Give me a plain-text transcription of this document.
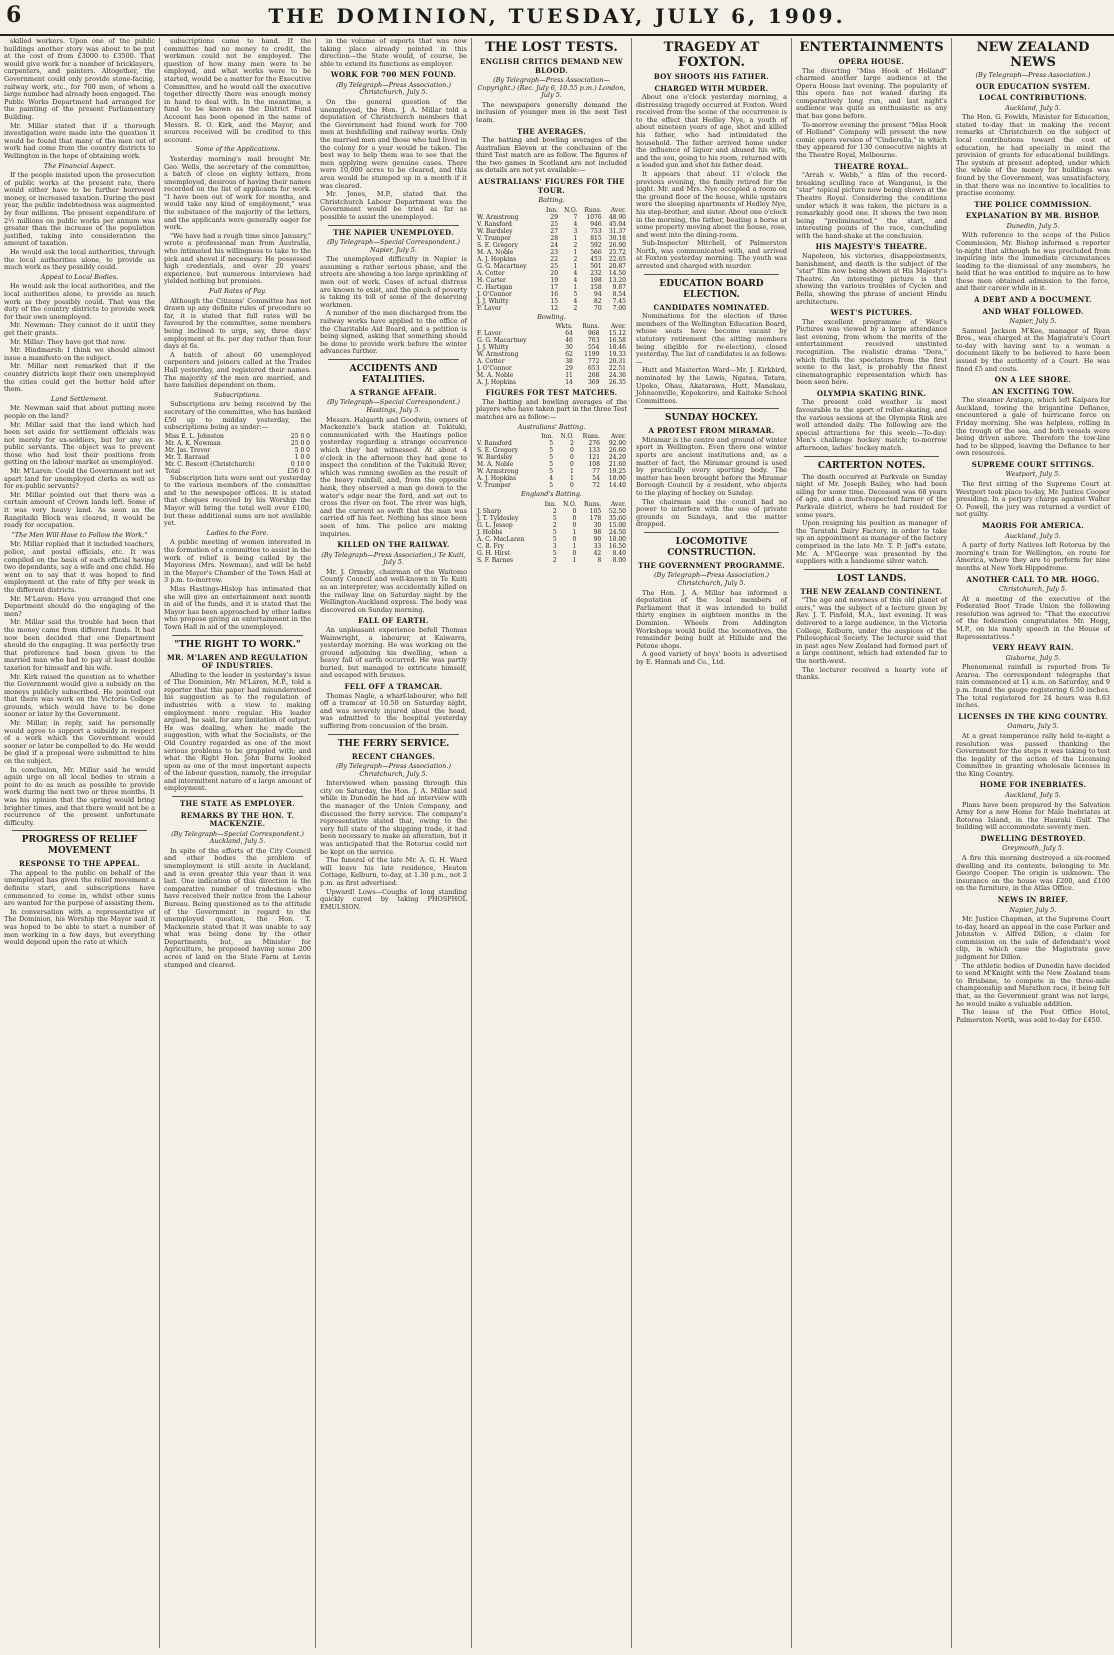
6	THE DOMINION, TUESDAY, JULY 6, 1909.

skilled workers. Upon one of the public buildings another story was about to be put at the cost of from £3000 to £3500. That would give work for a number of bricklayers, carpenters, and painters. Altogether, the Government could only provide stone-facing, railway work, etc., for 700 men, of whom a large number had already been engaged. The Public Works Department had arranged for the painting of the present Parliamentary Building.

Mr. Millar stated that if a thorough investigation were made into the question it would be found that many of the men out of work had come from the country districts to Wellington in the hope of obtaining work.

The Financial Aspect.

If the people insisted upon the prosecution of public works at the present rate, there would either have to be further borrowed money, or increased taxation. During the past year, the public indebtedness was augmented by four millions. The present expenditure of 2½ millions on public works per annum was greater than the increase of the population justified, taking into consideration the amount of taxation.

He would ask the local authorities, through the local authorities alone, to provide as much work as they possibly could.

Appeal to Local Bodies.

He would ask the local authorities, and the local authorities alone, to provide as much work as they possibly could. That was the duty of the country districts to provide work for their own unemployed.

Mr. Newman: They cannot do it until they get their grants.

Mr. Millar: They have got that now.

Mr. Hindmarsh: I think we should almost issue a manifesto on the subject.

Mr. Millar next remarked that if the country districts kept their own unemployed the cities could get the better hold after them.

Land Settlement.

Mr. Newman said that about putting more people on the land?

Mr. Millar said that the land which had been set aside for settlement officials was not merely for ex-soldiers, but for any ex-public servants. The object was to prevent those who had lost their positions from getting on the labour market as unemployed.

Mr. M'Laren: Could the Government not set apart land for unemployed clerks as well as for ex-public servants?

Mr. Millar pointed out that there was a certain amount of Crown lands left. Some of it was very heavy land. As soon as the Rangitaiki Block was cleared, it would be ready for occupation.

"The Men Will Have to Follow the Work."

Mr. Millar replied that it included teachers, police, and postal officials, etc. It was compiled on the basis of each official having two dependants, say a wife and one child. He went on to say that it was hoped to find employment at the rate of fifty per week in the different districts.

Mr. M'Laren: Have you arranged that one Department should do the engaging of the men?

Mr. Millar said the trouble had been that the money came from different funds. It had now been decided that one Department should do the engaging. It was perfectly true that preference had been given to the married man who had to pay at least double taxation for himself and his wife.

Mr. Kirk raised the question as to whether the Government would give a subsidy on the moneys publicly subscribed. He pointed out that there was work on the Victoria College grounds, which would have to be done sooner or later by the Government.

Mr. Millar, in reply, said he personally would agree to support a subsidy in respect of a work which the Government would sooner or later be compelled to do. He would be glad if a proposal were submitted to him on the subject.

In conclusion, Mr. Millar said he would again urge on all local bodies to strain a point to do as much as possible to provide work during the next two or three months. It was his opinion that the spring would bring brighter times, and that there would not be a recurrence of the present unfortunate difficulty.

PROGRESS OF RELIEF MOVEMENT
RESPONSE TO THE APPEAL.

The appeal to the public on behalf of the unemployed has given the relief movement a definite start, and subscriptions have commenced to come in, whilst other sums are wanted for the purpose of assisting them.

In conversation with a representative of The Dominion, his Worship the Mayor said it was hoped to be able to start a number of men working in a few days, but everything would depend upon the rate at which

subscriptions came to hand. If the committee had no money to credit, the workmen could not be employed. The question of how many men were to be employed, and what works were to be started, would be a matter for the Executive Committee, and he would call the executive together directly there was enough money in hand to deal with. In the meantime, a fund to be known as the District Fund Account has been opened in the name of Messrs. R. O. Kirk, and the Mayor, and sources received will be credited to this account.

Some of the Applications.

Yesterday morning's mail brought Mr. Geo. Wells, the secretary of the committee, a batch of close on eighty letters, from unemployed, desirous of having their names recorded on the list of applicants for work. "I have been out of work for months, and would take any kind of employment," was the substance of the majority of the letters, and the applicants were generally eager for work.

"We have had a rough time since January," wrote a professional man from Australia, who intimated his willingness to take to the pick and shovel if necessary. He possessed high credentials, and over 20 years' experience, but numerous interviews had yielded nothing but promises.

Full Rates of Pay.

Although the Citizens' Committee has not drawn up any definite rules of procedure so far, it is stated that full rates will be favoured by the committee, some members being inclined to urge, say, three days' employment at 8s. per day rather than four days at 6s.

A batch of about 60 unemployed carpenters and joiners called at the Trades Hall yesterday, and registered their names. The majority of the men are married, and have families dependent on them.

Subscriptions.

Subscriptions are being received by the secretary of the committee, who has banked £50 up to midday yesterday, the subscriptions being as under:—

Miss E. L. Johnston	25 0 0
Mr. A. K. Newman	25 0 0
Mr. Jas. Trevor	5 0 0
Mr. T. Barraud	1 0 0
Mr. C. Bescott (Christchurch)	0 10 0
Total	£56 0 0

Subscription lists were sent out yesterday to the various members of the committee and to the newspaper offices. It is stated that cheques received by his Worship the Mayor will bring the total well over £100, but these additional sums are not available yet.

Ladies to the Fore.

A public meeting of women interested in the formation of a committee to assist in the work of relief is being called by the Mayoress (Mrs. Newman), and will be held in the Mayor's Chamber of the Town Hall at 3 p.m. to-morrow.

Miss Hastings-Hislop has intimated that she will give an entertainment next month in aid of the funds, and it is stated that the Mayor has been approached by other ladies who propose giving an entertainment in the Town Hall in aid of the unemployed.

"THE RIGHT TO WORK."
MR. M'LAREN AND REGULATION OF INDUSTRIES.

Alluding to the leader in yesterday's issue of The Dominion, Mr. M'Laren, M.P., told a reporter that this paper had misunderstood his suggestion as to the regulation of industries with a view to making employment more regular. His leader argued, he said, for any limitation of output. He was dealing, when he made the suggestion, with what the Socialists, or the Old Country regarded as one of the most serious problems to be grappled with; and what the Right Hon. John Burns looked upon as one of the most important aspects of the labour question, namely, the irregular and intermittent nature of a large amount of employment.

THE STATE AS EMPLOYER.
REMARKS BY THE HON. T. MACKENZIE.
(By Telegraph—Special Correspondent.) Auckland, July 5.

In spite of the efforts of the City Council and other bodies the problem of unemployment is still acute in Auckland, and is even greater this year than it was last. One indication of this direction is the comparative number of tradesmen who have received their notice from the Labour Bureau. Being questioned as to the attitude of the Government in regard to the unemployed question, the Hon. T. Mackenzie stated that it was unable to say what was being done by the other Departments, but, as Minister for Agriculture, he proposed having some 200 acres of land on the State Farm at Levin stumped and cleared.

in the volume of exports that was now taking place already pointed in this direction—the State would, of course, be able to extend its functions as employer.

WORK FOR 700 MEN FOUND.
(By Telegraph—Press Association.) Christchurch, July 5.

On the general question of the unemployed, the Hon. J. A. Millar told a deputation of Christchurch members that the Government had found work for 700 men at bushfelling and railway works. Only the married men and those who had lived in the colony for a year would be taken. The best way to help them was to see that the men applying were genuine cases. There were 10,000 acres to be cleared, and this area would be stumped up in a month if it was cleared.

Mr. Jones, M.P., stated that the Christchurch Labour Department was the Government would be tried as far as possible to assist the unemployed.

THE NAPIER UNEMPLOYED.
(By Telegraph—Special Correspondent.) Napier, July 5.

The unemployed difficulty in Napier is assuming a rather serious phase, and the streets are showing a too large sprinkling of men out of work. Cases of actual distress are known to exist, and the pinch of poverty is taking its toll of some of the deserving workmen.

A number of the men discharged from the railway works have applied to the office of the Charitable Aid Board, and a petition is being signed, asking that something should be done to provide work before the winter advances further.

ACCIDENTS AND FATALITIES.
A STRANGE AFFAIR.
(By Telegraph—Special Correspondent.) Hastings, July 5.

Messrs. Halgarth and Goodwin, owners of Mackenzie's back station at Tukituki, communicated with the Hastings police yesterday regarding a strange occurrence which they had witnessed. At about 4 o'clock in the afternoon they had gone to inspect the condition of the Tukituki River, which was running swollen as the result of the heavy rainfall, and, from the opposite bank, they observed a man go down to the water's edge near the ford, and set out to cross the river on foot. The river was high, and the current so swift that the man was carried off his feet. Nothing has since been seen of him. The police are making inquiries.

KILLED ON THE RAILWAY.
(By Telegraph—Press Association.) Te Kuiti, July 5.

Mr. J. Ormsby, chairman of the Waitomo County Council and well-known in Te Kuiti as an interpreter, was accidentally killed on the railway line on Saturday night by the Wellington-Auckland express. The body was discovered on Sunday morning.

FALL OF EARTH.

An unpleasant experience befell Thomas Wainwright, a labourer, at Kaiwarra, yesterday morning. He was working on the ground adjoining his dwelling, when a heavy fall of earth occurred. He was partly buried, but managed to extricate himself, and escaped with bruises.

FELL OFF A TRAMCAR.

Thomas Nagle, a wharf-labourer, who fell off a tramcar at 10.50 on Saturday night, and was severely injured about the head, was admitted to the hospital yesterday suffering from concussion of the brain.

THE FERRY SERVICE.
RECENT CHANGES.
(By Telegraph—Press Association.) Christchurch, July 5.

Interviewed when passing through this city on Saturday, the Hon. J. A. Millar said while in Dunedin he had an interview with the manager of the Union Company, and discussed the ferry service. The company's representative stated that, owing to the very full state of the shipping trade, it had been necessary to make an alteration, but it was anticipated that the Rotorua could not be kept on the service.

The funeral of the late Mr. A. G. H. Ward will leave his late residence, Heaton Cottage, Kelburn, to-day, at 1.30 p.m., not 2 p.m. as first advertised.

Upward! Lows—Coughs of long standing quickly cured by taking PHOSPHOL EMULSION.

THE LOST TESTS.
ENGLISH CRITICS DEMAND NEW BLOOD.
(By Telegraph—Press Association—Copyright.) (Rec. July 6, 10.55 p.m.) London, July 5.

The newspapers generally demand the inclusion of younger men in the next Test team.

THE AVERAGES.

The batting and bowling averages of the Australian Eleven at the conclusion of the third Test match are as follow. The figures of the two games in Scotland are not included as details are not yet available:—

AUSTRALIANS' FIGURES FOR THE TOUR.
Batting.
	Inn.	N.O.	Runs.	Aver.
W. Armstrong	29	7	1076	48.90
V. Ransford	25	4	946	45.04
W. Bardsley	27	3	753	31.37
V. Trumper	28	1	815	30.18
S. E. Gregory	24	2	592	26.90
M. A. Noble	23	1	566	25.72
A. J. Hopkins	22	2	453	22.65
G. G. Macartney	25	1	501	20.87
A. Cotter	20	4	232	14.50
H. Carter	19	4	198	13.20
C. Hartigan	17	1	158	9.87
J. O'Connor	16	5	94	8.54
J. J. Whitty	15	4	82	7.45
F. Laver	12	2	70	7.00
Bowling.
	Wkts.	Runs.	Aver.
F. Laver	64	968	15.12
G. G. Macartney	46	763	16.58
J. J. Whitty	30	554	18.46
W. Armstrong	62	1199	19.33
A. Cotter	38	772	20.31
J. O'Connor	29	653	22.51
M. A. Noble	11	268	24.36
A. J. Hopkins	14	369	26.35
FIGURES FOR TEST MATCHES.

The batting and bowling averages of the players who have taken part in the three Test matches are as follow:—

Australians' Batting.
	Inn.	N.O.	Runs.	Aver.
V. Ransford	5	2	276	92.00
S. E. Gregory	5	0	133	26.60
W. Bardsley	5	0	121	24.20
M. A. Noble	5	0	108	21.60
W. Armstrong	5	1	77	19.25
A. J. Hopkins	4	1	54	18.00
V. Trumper	5	0	72	14.40
England's Batting.
	Inn.	N.O.	Runs.	Aver.
J. Sharp	2	0	105	52.50
J. T. Tyldesley	5	0	178	35.60
G. L. Jessop	2	0	30	15.00
J. Hobbs	5	1	98	24.50
A. C. MacLaren	5	0	90	18.00
C. B. Fry	3	1	33	16.50
G. H. Hirst	5	0	42	8.40
S. F. Barnes	2	1	8	8.00
TRAGEDY AT FOXTON.
BOY SHOOTS HIS FATHER.
CHARGED WITH MURDER.

About one o'clock yesterday morning, a distressing tragedy occurred at Foxton. Word received from the scene of the occurrence is to the effect that Hedley Nye, a youth of about nineteen years of age, shot and killed his father, who had intimidated the household. The father arrived home under the influence of liquor and abused his wife, and the son, going to his room, returned with a loaded gun and shot his father dead.

It appears that about 11 o'clock the previous evening, the family retired for the night. Mr. and Mrs. Nye occupied a room on the ground floor of the house, while upstairs were the sleeping apartments of Hedley Nye, his step-brother, and sister. About one o'clock in the morning, the father, beating a horse at some property moving about the house, rose, and went into the dining-room.

Sub-Inspector Mitchell, of Palmerston North, was communicated with, and arrived at Foxton yesterday morning. The youth was arrested and charged with murder.

EDUCATION BOARD ELECTION.
CANDIDATES NOMINATED.

Nominations for the election of three members of the Wellington Education Board, whose seats have become vacant by statutory retirement (the sitting members being eligible for re-election), closed yesterday. The list of candidates is as follows:—

Hutt and Masterton Ward—Mr. J. Kirkbird, nominated by the Lewis, Ngatea, Totara, Upoko, Ohau, Akatarawa, Hutt, Manakau, Johnsonville, Kopokoriro, and Kaitoke School Committees.

SUNDAY HOCKEY.
A PROTEST FROM MIRAMAR.

Miramar is the centre and ground of winter sport in Wellington. Even there one winter sports are ancient institutions and, as a matter of fact, the Miramar ground is used by practically every sporting body. The matter has been brought before the Miramar Borough Council by a resident, who objects to the playing of hockey on Sunday.

The chairman said the council had no power to interfere with the use of private grounds on Sundays, and the matter dropped.

LOCOMOTIVE CONSTRUCTION.
THE GOVERNMENT PROGRAMME.
(By Telegraph—Press Association.) Christchurch, July 5.

The Hon. J. A. Millar has informed a deputation of the local members of Parliament that it was intended to build thirty engines in eighteen months in the Dominion. Wheels from Addington Workshops would build the locomotives, the remainder being built at Hillside and the Petone shops.

A good variety of boys' boots is advertised by E. Hannah and Co., Ltd.

ENTERTAINMENTS
OPERA HOUSE.

The diverting "Miss Hook of Holland" charmed another large audience at the Opera House last evening. The popularity of this opera has not waned during its comparatively long run, and last night's audience was quite as enthusiastic as any that has gone before.

To-morrow evening the present "Miss Hook of Holland" Company will present the new comic opera version of "Cinderella," in which they appeared for 130 consecutive nights at the Theatre Royal, Melbourne.

THEATRE ROYAL.

"Arrah v. Webb," a film of the record-breaking sculling race at Wanganui, is the "star" topical picture now being shown at the Theatre Royal. Considering the conditions under which it was taken, the picture is a remarkably good one. It shows the two men being "preliminaried," the start, and interesting points of the race, concluding with the hand-shake at the conclusion.

HIS MAJESTY'S THEATRE.

Napoleon, his victories, disappointments, banishment, and death is the subject of the "star" film now being shown at His Majesty's Theatre. An interesting picture is that showing the various troubles of Cyclen and Bella, showing the phrase of ancient Hindu architecture.

WEST'S PICTURES.

The excellent programme of West's Pictures was viewed by a large attendance last evening, from whom the merits of the entertainment received unstinted recognition. The realistic drama "Dora," which thrills the spectators from the first scene to the last, is probably the finest cinematographic representation which has been seen here.

OLYMPIA SKATING RINK.

The present cold weather is most favourable to the sport of roller-skating, and the various sessions at the Olympia Rink are well attended daily. The following are the special attractions for this week:—To-day: Men's challenge hockey match; to-morrow afternoon, ladies' hockey match.

CARTERTON NOTES.

The death occurred at Parkvale on Sunday night of Mr. Joseph Bailey, who had been ailing for some time. Deceased was 68 years of age, and a much-respected farmer of the Parkvale district, where he had resided for some years.

Upon resigning his position as manager of the Taratahi Dairy Factory, in order to take up an appointment as manager of the factory comprised in the late Mr. T. P. Jeff's estate, Mr. A. M'George was presented by the suppliers with a handsome silver watch.

LOST LANDS.
THE NEW ZEALAND CONTINENT.

"The age and newness of this old planet of ours," was the subject of a lecture given by Rev. J. T. Pinfold, M.A., last evening. It was delivered to a large audience, in the Victoria College, Kelburn, under the auspices of the Philosophical Society. The lecturer said that in past ages New Zealand had formed part of a large continent, which had extended far to the north-west.

The lecturer received a hearty vote of thanks.

NEW ZEALAND NEWS
(By Telegraph—Press Association.)
OUR EDUCATION SYSTEM.
LOCAL CONTRIBUTIONS.
Auckland, July 5.

The Hon. G. Fowlds, Minister for Education, stated to-day that in making the recent remarks at Christchurch on the subject of local contributions toward the cost of education, he had specially in mind the provision of grants for educational buildings. The system at present adopted, under which the whole of the money for buildings was found by the Government, was unsatisfactory, in that there was no incentive to localities to practise economy.

THE POLICE COMMISSION.
EXPLANATION BY MR. BISHOP.
Dunedin, July 5.

With reference to the scope of the Police Commission, Mr. Bishop informed a reporter to-night that although he was precluded from inquiring into the immediate circumstances leading to the dismissal of any members, he held that he was entitled to inquire as to how these men obtained admission to the force, and their career while in it.

A DEBT AND A DOCUMENT.
AND WHAT FOLLOWED.
Napier, July 5.

Samuel Jackson M'Kee, manager of Ryan Bros., was charged at the Magistrate's Court to-day with having sent to a woman a document likely to be believed to have been issued by the authority of a Court. He was fined £5 and costs.

ON A LEE SHORE.
AN EXCITING TOW.

The steamer Aratapu, which left Kaipara for Auckland, towing the brigantine Defiance, encountered a gale of hurricane force on Friday morning. She was helpless, rolling in the trough of the sea, and both vessels were being driven ashore. Therefore the tow-line had to be slipped, leaving the Defiance to her own resources.

SUPREME COURT SITTINGS.
Westport, July 5.

The first sitting of the Supreme Court at Westport took place to-day, Mr. Justice Cooper presiding. In a perjury charge against Walter O. Powell, the jury was returned a verdict of not guilty.

MAORIS FOR AMERICA.
Auckland, July 5.

A party of forty Natives left Rotorua by the morning's train for Wellington, en route for America, where they are to perform for nine months at New York Hippodrome.

ANOTHER CALL TO MR. HOGG.
Christchurch, July 5.

At a meeting of the executive of the Federated Boot Trade Union the following resolution was agreed to: "That the executive of the federation congratulates Mr. Hogg, M.P., on his manly speech in the House of Representatives."

VERY HEAVY RAIN.
Gisborne, July 5.

Phenomenal rainfall is reported from Te Araroa. The correspondent telegraphs that rain commenced at 11 a.m. on Saturday, and 9 p.m. found the gauge registering 6.50 inches. The total registered for 24 hours was 8.63 inches.

LICENSES IN THE KING COUNTRY.
Oamaru, July 5.

At a great temperance rally held to-night a resolution was passed thanking the Government for the steps it was taking to test the legality of the action of the Licensing Committee in granting wholesale licenses in the King Country.

HOME FOR INEBRIATES.
Auckland, July 5.

Plans have been prepared by the Salvation Army for a new Home for Male Inebriates at Rotoroa Island, in the Hauraki Gulf. The building will accommodate seventy men.

DWELLING DESTROYED.
Greymouth, July 5.

A fire this morning destroyed a six-roomed dwelling and its contents, belonging to Mr. George Cooper. The origin is unknown. The insurance on the house was £200, and £100 on the furniture, in the Atlas Office.

NEWS IN BRIEF.
Napier, July 5.

Mr. Justice Chapman, at the Supreme Court to-day, heard an appeal in the case Parker and Johnston v. Alfred Dillon, a claim for commission on the sale of defendant's wool clip, in which case the Magistrate gave judgment for Dillon.

The athletic bodies of Dunedin have decided to send M'Knight with the New Zealand team to Brisbane, to compete in the three-mile championship and Marathon race, it being felt that, as the Government grant was not large, he would make a valuable addition.

The lease of the Post Office Hotel, Palmerston North, was sold to-day for £450.
